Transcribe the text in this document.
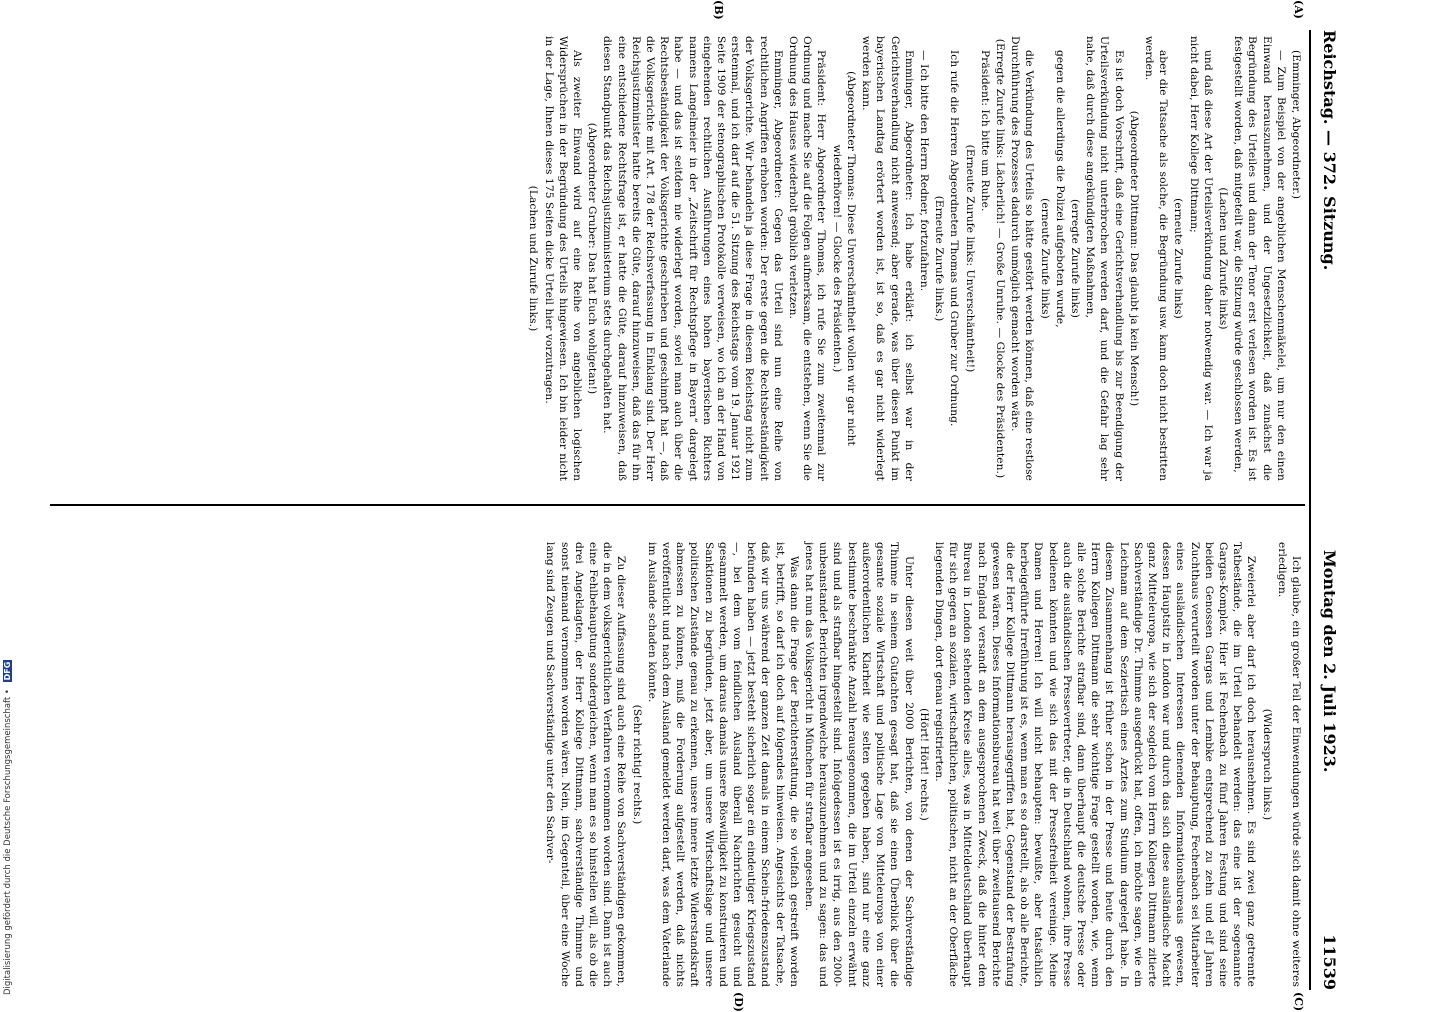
Reichstag. — 372. Sitzung.
Montag den 2. Juli 1923.
11539
(A)
(B)
(C)
(D)

(Emminger, Abgeordneter.)

— Zum Beispiel von der angeblichen Menschenmäkelei, um nur den einen Einwand herauszunehmen, und der Ungesetzlichkeit, daß zunächst die Begründung des Urteiles und dann der Tenor erst verlesen worden ist. Es ist festgestellt worden, daß mitgeteilt war, die Sitzung würde geschlossen werden,

(Lachen und Zurufe links)

und daß diese Art der Urteilsverkündung daher notwendig war. — Ich war ja nicht dabei, Herr Kollege Dittmann;

(erneute Zurufe links)

aber die Tatsache als solche, die Begründung usw. kann doch nicht bestritten werden.

(Abgeordneter Dittmann: Das glaubt ja kein Mensch!)

Es ist doch Vorschrift, daß eine Gerichtsverhandlung bis zur Beendigung der Urteilsverkündung nicht unterbrochen werden darf, und die Gefahr lag sehr nahe, daß durch diese angekündigten Maßnahmen,

(erregte Zurufe links)

gegen die allerdings die Polizei aufgeboten wurde,

(erneute Zurufe links)

die Verkündung des Urteils so hätte gestört werden können, daß eine restlose Durchführung des Prozesses dadurch unmöglich gemacht worden wäre.

(Erregte Zurufe links: Lächerlich! — Große Unruhe. — Glocke des Präsidenten.)

Präsident: Ich bitte um Ruhe.

(Erneute Zurufe links: Unverschämtheit!)

Ich rufe die Herren Abgeordneten Thomas und Gruber zur Ordnung.

(Erneute Zurufe links.)

— Ich bitte den Herrn Redner, fortzufahren.

Emminger, Abgeordneter: Ich habe erklärt: ich selbst war in der Gerichtsverhandlung nicht anwesend; aber gerade, was über diesen Punkt im bayerischen Landtag erörtert worden ist, ist so, daß es gar nicht widerlegt werden kann.

(Abgeordneter Thomas: Diese Unverschämtheit wollen wir gar nicht wiederhören! — Glocke des Präsidenten.)

Präsident: Herr Abgeordneter Thomas, ich rufe Sie zum zweitenmal zur Ordnung und mache Sie auf die Folgen aufmerksam, die entstehen, wenn Sie die Ordnung des Hauses wiederholt gröblich verletzen.

Emminger, Abgeordneter: Gegen das Urteil sind nun eine Reihe von rechtlichen Angriffen erhoben worden: Der erste gegen die Rechtsbeständigkeit der Volksgerichte. Wir behandeln ja diese Frage in diesem Reichstag nicht zum erstenmal, und ich darf auf die 51. Sitzung des Reichstags vom 19. Januar 1921 Seite 1909 der stenographischen Protokolle verweisen, wo ich an der Hand von eingehenden rechtlichen Ausführungen eines hohen bayerischen Richters namens Langelmeier in der „Zeitschrift für Rechtspflege in Bayern“ dargelegt habe — und das ist seitdem nie widerlegt worden, soviel man auch über die Rechtsbeständigkeit der Volksgerichte geschrieben und geschimpft hat —, daß die Volksgerichte mit Art. 178 der Reichsverfassung in Einklang sind. Der Herr Reichsjustizminister hatte bereits die Güte, darauf hinzuweisen, daß das für ihn eine entschiedene Rechtsfrage ist, er hatte die Güte, darauf hinzuweisen, daß diesen Standpunkt das Reichsjustizministerium stets durchgehalten hat.

(Abgeordneter Gruber: Das hat Euch wohlgetan!)

Als zweiter Einwand wird auf eine Reihe von angeblichen logischen Widersprüchen in der Begründung des Urteils hingewiesen. Ich bin leider nicht in der Lage, Ihnen dieses 175 Seiten dicke Urteil hier vorzutragen.

(Lachen und Zurufe links.)

Ich glaube, ein großer Teil der Einwendungen würde sich damit ohne weiteres erledigen.

(Widerspruch links.)

Zweierlei aber darf ich doch herausnehmen. Es sind zwei ganz getrennte Tatbestände, die im Urteil behandelt werden: das eine ist der sogenannte Gargas-Komplex. Hier ist Fechenbach zu fünf Jahren Festung und sind seine beiden Genossen Gargas und Lembke entsprechend zu zehn und elf Jahren Zuchthaus verurteilt worden unter der Behauptung, Fechenbach sei Mitarbeiter eines ausländischen Interessen dienenden Informationsbureaus gewesen, dessen Hauptsitz in London war und durch das sich diese ausländische Macht ganz Mitteleuropa, wie sich der sogleich vom Herrn Kollegen Dittmann zitierte Sachverständige Dr. Thimme ausgedrückt hat, offen, ich möchte sagen, wie ein Leichnam auf dem Seziertisch eines Arztes zum Studium dargelegt habe. In diesem Zusammenhang ist früher schon in der Presse und heute durch den Herrn Kollegen Dittmann die sehr wichtige Frage gestellt worden, wie, wenn alle solche Berichte strafbar sind, dann überhaupt die deutsche Presse oder auch die ausländischen Pressevertreter, die in Deutschland wohnen, ihre Presse bedienen könnten und wie sich das mit der Pressefreiheit vereinige. Meine Damen und Herren! Ich will nicht behaupten: bewußte, aber tatsächlich herbeigeführte Irreführung ist es, wenn man es so darstellt, als ob alle Berichte, die der Herr Kollege Dittmann herausgegriffen hat, Gegenstand der Bestrafung gewesen wären. Dieses Informationsbureau hat weit über zweitausend Berichte nach England versandt an dem ausgesprochenen Zweck, daß die hinter dem Bureau in London stehenden Kreise alles, was in Mitteldeutschland überhaupt für sich gegen an sozialen, wirtschaftlichen, politischen, nicht an der Oberfläche liegenden Dingen, dort genau registrierten.

(Hört! Hört! rechts.)

Unter diesen weit über 2000 Berichten, von denen der Sachverständige Thimme in seinem Gutachten gesagt hat, daß sie einen Überblick über die gesamte soziale Wirtschaft und politische Lage von Mitteleuropa von einer außerordentlichen Klarheit wie selten gegeben haben, sind nur eine ganz bestimmte beschränkte Anzahl herausgenommen, die im Urteil einzeln erwähnt sind und als strafbar hingestellt sind. Infolgedessen ist es irrig, aus den 2000-unbeanstandet Berichten irgendwelche herauszunehmen und zu sagen: das und jenes hat nun das Volksgericht in München für strafbar angesehen.

Was dann die Frage der Berichterstattung, die so vielfach gestreift worden ist, betrifft, so darf ich doch auf folgendes hinweisen. Angesichts der Tatsache, daß wir uns während der ganzen Zeit damals in einem Schein-friedenszustand befunden haben — jetzt besteht sicherlich sogar ein eindeutiger Kriegszustand —, bei dem vom feindlichen Ausland überall Nachrichten gesucht und gesammelt werden, um daraus damals unsere Böswilligkeit zu konstruieren und Sanktionen zu begründen, jetzt aber, um unsere Wirtschaftslage und unsere politischen Zustände genau zu erkennen, unsere innere letzte Widerstandskraft abmessen zu können, muß die Forderung aufgestellt werden, daß nichts veröffentlicht und nach dem Ausland gemeldet werden darf, was dem Vaterlande im Auslande schaden könnte.

(Sehr richtig! rechts.)

Zu dieser Auffassung sind auch eine Reihe von Sachverständigen gekommen, die in dem volksgerichtlichen Verfahren vernommen worden sind. Dann ist auch eine Fehlbehauptung sondergleichen, wenn man es so hinstellen will, als ob die drei Angeklagten, der Herr Kollege Dittmann, sachverständige Thimme und sonst niemand vernommen worden wären. Nein, im Gegenteil, über eine Woche lang sind Zeugen und Sachverständige unter den Sachver-

Digitalisierung gefördert durch die Deutsche Forschungsgemeinschaft • DFG
